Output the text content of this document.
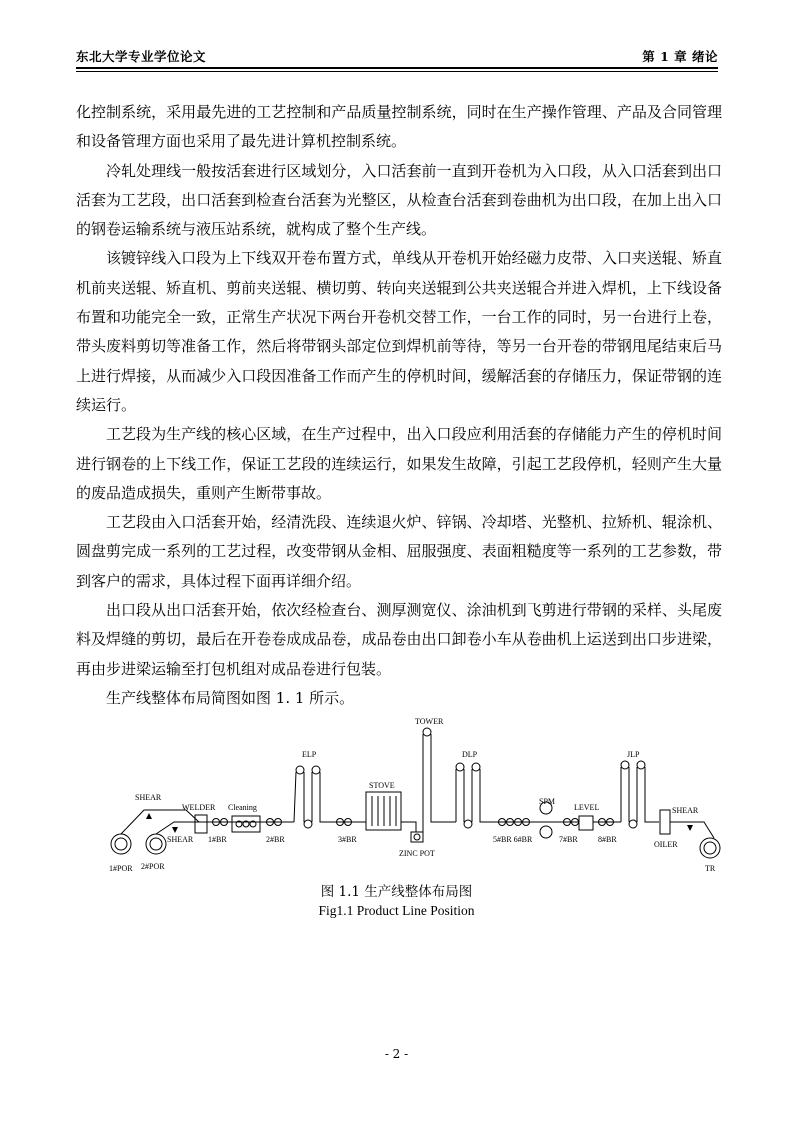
东北大学专业学位论文	第 1 章 绪论

化控制系统，采用最先进的工艺控制和产品质量控制系统，同时在生产操作管理、产品及合同管理和设备管理方面也采用了最先进计算机控制系统。

冷轧处理线一般按活套进行区域划分，入口活套前一直到开卷机为入口段，从入口活套到出口活套为工艺段，出口活套到检查台活套为光整区，从检查台活套到卷曲机为出口段，在加上出入口的钢卷运输系统与液压站系统，就构成了整个生产线。

该镀锌线入口段为上下线双开卷布置方式，单线从开卷机开始经磁力皮带、入口夹送辊、矫直机前夹送辊、矫直机、剪前夹送辊、横切剪、转向夹送辊到公共夹送辊合并进入焊机，上下线设备布置和功能完全一致，正常生产状况下两台开卷机交替工作，一台工作的同时，另一台进行上卷，带头废料剪切等准备工作，然后将带钢头部定位到焊机前等待，等另一台开卷的带钢甩尾结束后马上进行焊接，从而减少入口段因准备工作而产生的停机时间，缓解活套的存储压力，保证带钢的连续运行。

工艺段为生产线的核心区域，在生产过程中，出入口段应利用活套的存储能力产生的停机时间进行钢卷的上下线工作，保证工艺段的连续运行，如果发生故障，引起工艺段停机，轻则产生大量的废品造成损失，重则产生断带事故。

工艺段由入口活套开始，经清洗段、连续退火炉、锌锅、冷却塔、光整机、拉矫机、辊涂机、圆盘剪完成一系列的工艺过程，改变带钢从金相、屈服强度、表面粗糙度等一系列的工艺参数，带到客户的需求，具体过程下面再详细介绍。

出口段从出口活套开始，依次经检查台、测厚测宽仪、涂油机到飞剪进行带钢的采样、头尾废料及焊缝的剪切，最后在开卷卷成成品卷，成品卷由出口卸卷小车从卷曲机上运送到出口步进梁，再由步进梁运输至打包机组对成品卷进行包装。

生产线整体布局简图如图 1. 1 所示。

TOWER
ELP	DLP	JLP
STOVE
SPM
LEVEL
SHEAR
SHEAR
SHEAR
WELDER Cleaning
1#BR	2#BR	3#BR	5#BR 6#BR	7#BR	8#BR
ZINC POT
OILER
1#POR 2#POR	TR
图 1.1 生产线整体布局图
Fig1.1 Product Line Position
- 2 -
